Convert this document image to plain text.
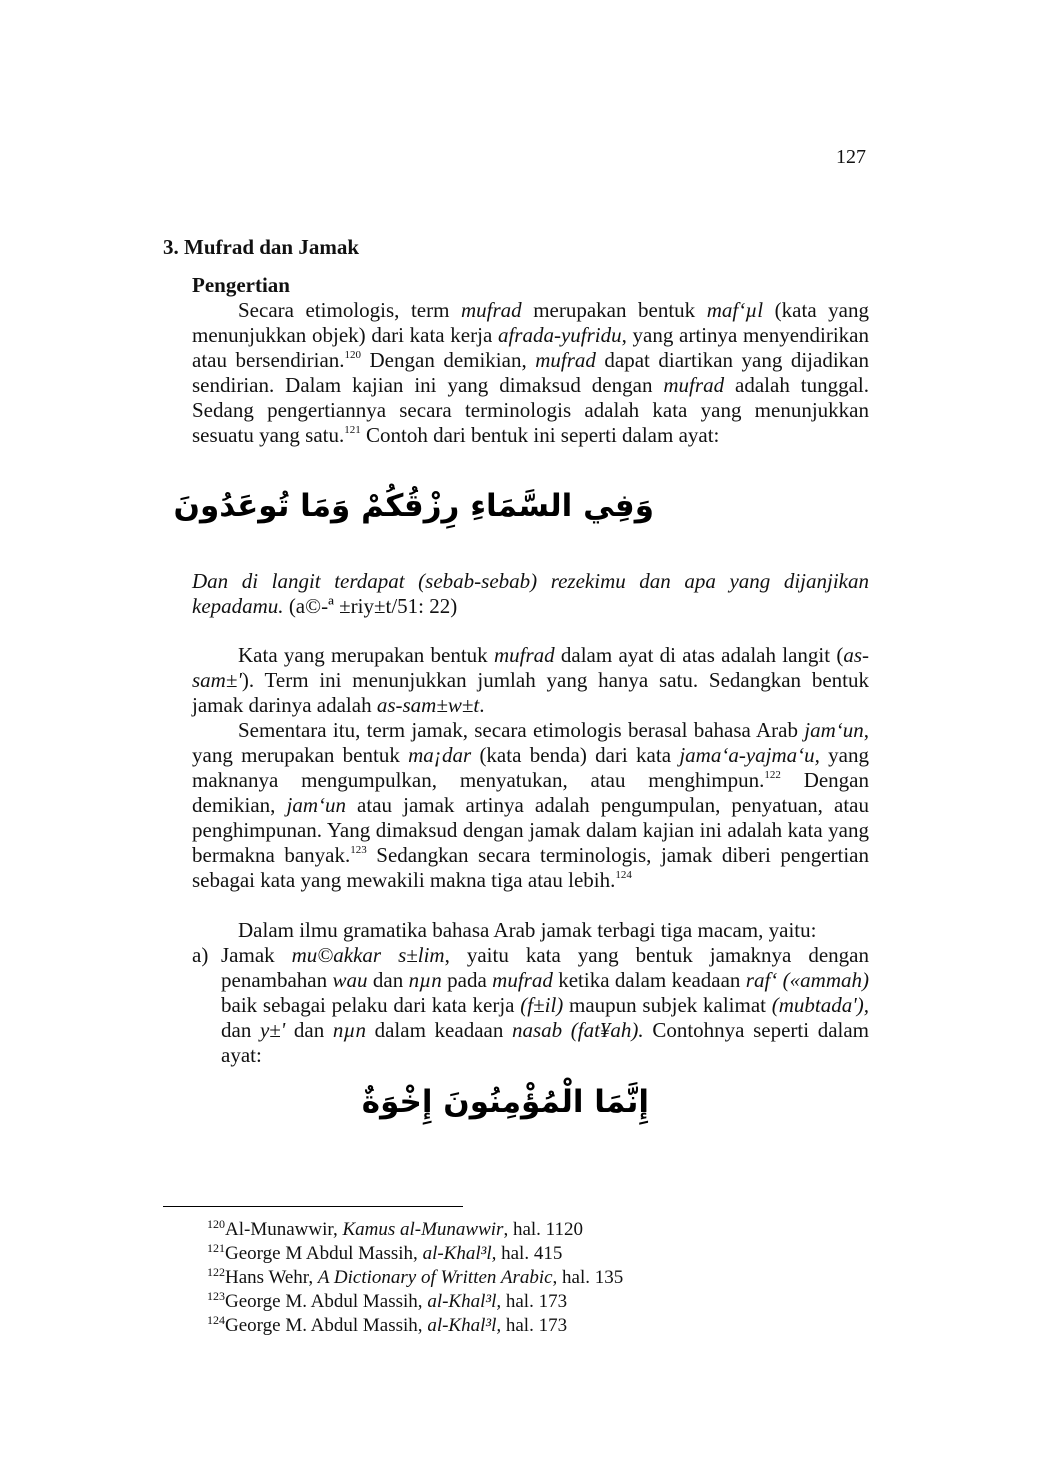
127
3. Mufrad dan Jamak
Pengertian
Secara etimologis, term mufrad merupakan bentuk maf‘µl (kata yang menunjukkan objek) dari kata kerja afrada-yufridu, yang artinya menyendirikan atau bersendirian.$^{120}$ Dengan demikian, mufrad dapat diartikan yang dijadikan sendirian. Dalam kajian ini yang dimaksud dengan mufrad adalah tunggal. Sedang pengertiannya secara terminologis adalah kata yang menunjukkan sesuatu yang satu.$^{121}$ Contoh dari bentuk ini seperti dalam ayat:
وَفِي السَّمَاءِ رِزْقُكُمْ وَمَا تُوعَدُونَ
Dan di langit terdapat (sebab-sebab) rezekimu dan apa yang dijanjikan kepadamu. (a©-ª ±riy±t/51: 22)
Kata yang merupakan bentuk mufrad dalam ayat di atas adalah langit (as-sam±'). Term ini menunjukkan jumlah yang hanya satu. Sedangkan bentuk jamak darinya adalah as-sam±w±t.
Sementara itu, term jamak, secara etimologis berasal bahasa Arab jam‘un, yang merupakan bentuk ma¡dar (kata benda) dari kata jama‘a-yajma‘u, yang maknanya mengumpulkan, menyatukan, atau menghimpun.$^{122}$ Dengan demikian, jam‘un atau jamak artinya adalah pengumpulan, penyatuan, atau penghimpunan. Yang dimaksud dengan jamak dalam kajian ini adalah kata yang bermakna banyak.$^{123}$ Sedangkan secara terminologis, jamak diberi pengertian sebagai kata yang mewakili makna tiga atau lebih.$^{124}$
Dalam ilmu gramatika bahasa Arab jamak terbagi tiga macam, yaitu:
a) Jamak mu©akkar s±lim, yaitu kata yang bentuk jamaknya dengan penambahan wau dan nµn pada mufrad ketika dalam keadaan raf‘ («ammah) baik sebagai pelaku dari kata kerja (f±il) maupun subjek kalimat (mubtada'), dan y±' dan nµn dalam keadaan nasab (fat¥ah). Contohnya seperti dalam ayat:
إِنَّمَا الْمُؤْمِنُونَ إِخْوَةٌ
$^{120}$Al-Munawwir, Kamus al-Munawwir, hal. 1120
$^{121}$George M Abdul Massih, al-Khal³l, hal. 415
$^{122}$Hans Wehr, A Dictionary of Written Arabic, hal. 135
$^{123}$George M. Abdul Massih, al-Khal³l, hal. 173
$^{124}$George M. Abdul Massih, al-Khal³l, hal. 173
